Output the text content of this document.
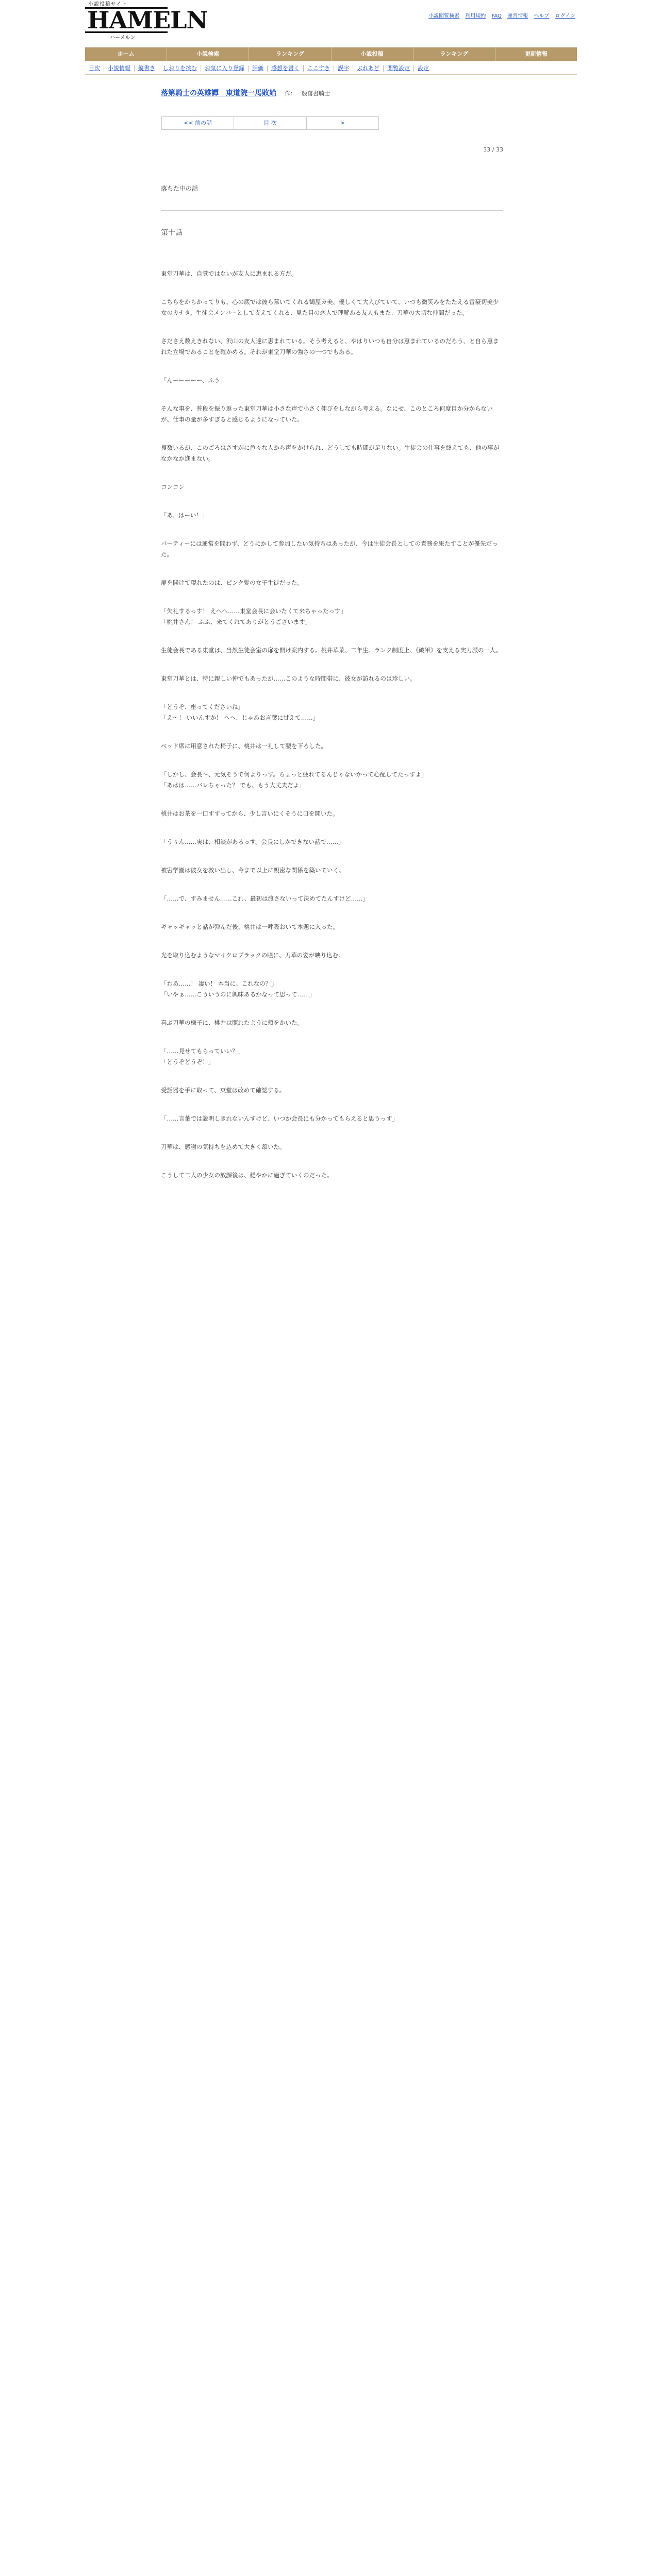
小説投稿サイト
HAMELN
ハーメルン
小説閲覧検索 利用規約 FAQ 運営情報 ヘルプ ログイン
ホーム	小説検索	ランキング	小説投稿	ランキング	更新情報
目次	小説情報	縦書き	しおりを挟む	お気に入り登録	評価	感想を書く	ここすき	誤字	ぶれあど	閲覧設定	設定
落第騎士の英雄譚　東道院一馬敗始 作：一般落書騎士
<< 前の話	目 次	>
33 / 33
落ちた中の話
第十話

東堂刀華は、自覚ではないが友人に恵まれる方だ。

こちらをからかってりも、心の底では彼ら慕いてくれる鶴屋カ美、優しくて大人びていて、いつも微笑みをたたえる雷豪切美少女のカナタ。生徒会メンバーとして支えてくれる、見た目の恋人で理解ある友人もまた、刀華の大切な仲間だった。

さださえ数えきれない、沢山の友人達に恵まれている。そう考えると、やはりいつも自分は恵まれているのだろう、と自ら恵まれた立場であることを確かめる。それが東堂刀華の強さの一つでもある。

「んーーーーー、ふう」

そんな事を、普段を振り返った東堂刀華は小さな声で小さく伸びをしながら考える。なにせ、このところ何度目か分からないが、仕事の量が多すぎると感じるようになっていた。

複数いるが、このごろはさすがに色々な人から声をかけられ、どうしても時間が足りない。生徒会の仕事を終えても、他の事がなかなか進まない。

コンコン

「あ、はーい！」

パーティーには通常を問わず、どうにかして参加したい気持ちはあったが、今は生徒会長としての責務を果たすことが優先だった。

扉を開けて現れたのは、ピンク髪の女子生徒だった。

「失礼するっす！ えへへ……東堂会長に会いたくて来ちゃったっす」
「桃井さん！ ふふ、来てくれてありがとうございます」

生徒会長である東堂は、当然生徒会室の扉を開け案内する。桃井華菜、二年生。ランク制度上、《破軍》を支える実力派の一人。

東堂刀華とは、特に親しい仲でもあったが……このような時間帯に、彼女が訪れるのは珍しい。

「どうぞ、座ってくださいね」
「え～！ いいんすか！ へへ、じゃあお言葉に甘えて……」

ベッド席に用意された椅子に、桃井は一礼して腰を下ろした。

「しかし、会長～、元気そうで何よりっす。ちょっと疲れてるんじゃないかって心配してたっすよ」
「あはは……バレちゃった？ でも、もう大丈夫だよ」

桃井はお茶を一口すすってから、少し言いにくそうに口を開いた。

「うぅん……実は、相談があるっす。会長にしかできない話で……」

被害学園は彼女を救い出し、今まで以上に親密な関係を築いていく。

「……で、すみません……これ、最初は渡さないって決めてたんすけど……」

ギャッギャッと話が弾んだ後、桃井は一呼吸おいて本題に入った。

光を取り込むようなマイクロブラックの瞳に、刀華の姿が映り込む。

「わあ……！ 凄い！ 本当に、これなの？」
「いやぁ……こういうのに興味あるかなって思って……」

喜ぶ刀華の様子に、桃井は照れたように頬をかいた。

「……見せてもらっていい？」
「どうぞどうぞ！」

受話器を手に取って、東堂は改めて確認する。

「……言葉では説明しきれないんすけど、いつか会長にも分かってもらえると思うっす」

刀華は、感謝の気持ちを込めて大きく頷いた。

こうして二人の少女の放課後は、穏やかに過ぎていくのだった。
